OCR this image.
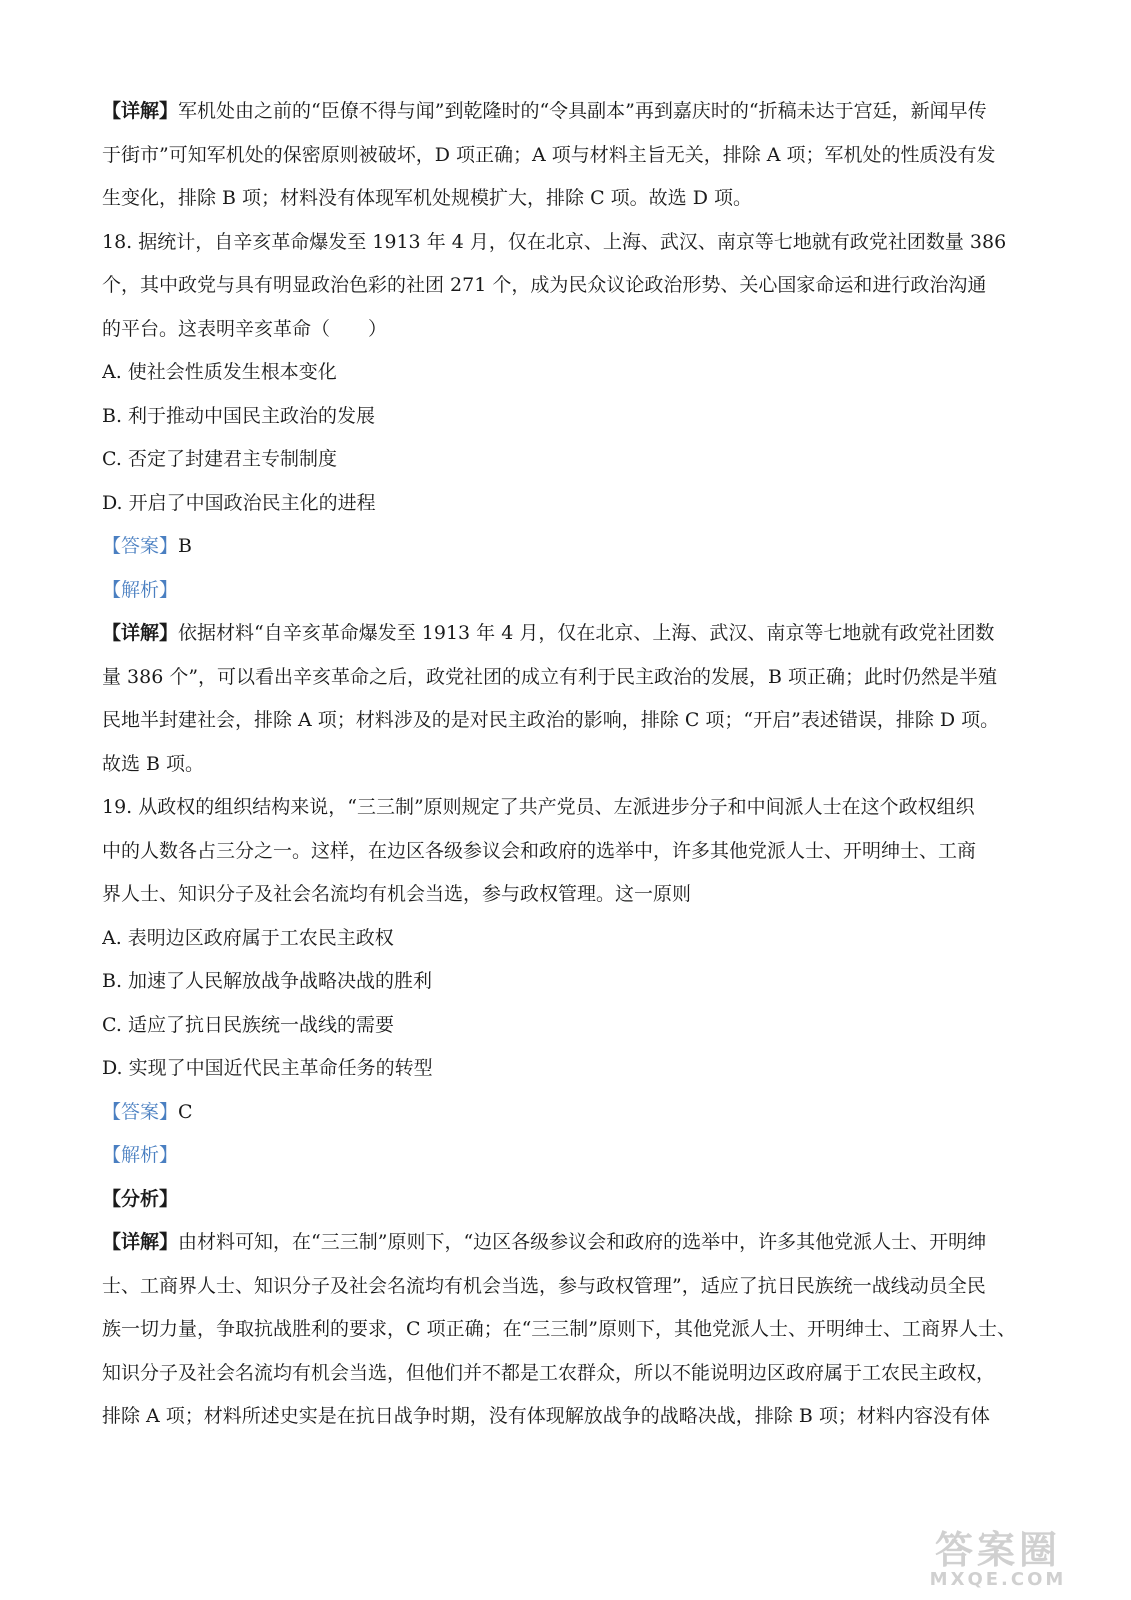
【详解】军机处由之前的“臣僚不得与闻”到乾隆时的“令具副本”再到嘉庆时的“折稿未达于宫廷，新闻早传
于街市”可知军机处的保密原则被破坏，D 项正确；A 项与材料主旨无关，排除 A 项；军机处的性质没有发
生变化，排除 B 项；材料没有体现军机处规模扩大，排除 C 项。故选 D 项。
18. 据统计，自辛亥革命爆发至 1913 年 4 月，仅在北京、上海、武汉、南京等七地就有政党社团数量 386
个，其中政党与具有明显政治色彩的社团 271 个，成为民众议论政治形势、关心国家命运和进行政治沟通
的平台。这表明辛亥革命（　　）
A. 使社会性质发生根本变化
B. 利于推动中国民主政治的发展
C. 否定了封建君主专制制度
D. 开启了中国政治民主化的进程
【答案】B
【解析】
【详解】依据材料“自辛亥革命爆发至 1913 年 4 月，仅在北京、上海、武汉、南京等七地就有政党社团数
量 386 个”，可以看出辛亥革命之后，政党社团的成立有利于民主政治的发展，B 项正确；此时仍然是半殖
民地半封建社会，排除 A 项；材料涉及的是对民主政治的影响，排除 C 项；“开启”表述错误，排除 D 项。
故选 B 项。
19. 从政权的组织结构来说，“三三制”原则规定了共产党员、左派进步分子和中间派人士在这个政权组织
中的人数各占三分之一。这样，在边区各级参议会和政府的选举中，许多其他党派人士、开明绅士、工商
界人士、知识分子及社会名流均有机会当选，参与政权管理。这一原则
A. 表明边区政府属于工农民主政权
B. 加速了人民解放战争战略决战的胜利
C. 适应了抗日民族统一战线的需要
D. 实现了中国近代民主革命任务的转型
【答案】C
【解析】
【分析】
【详解】由材料可知，在“三三制”原则下，“边区各级参议会和政府的选举中，许多其他党派人士、开明绅
士、工商界人士、知识分子及社会名流均有机会当选，参与政权管理”，适应了抗日民族统一战线动员全民
族一切力量，争取抗战胜利的要求，C 项正确；在“三三制”原则下，其他党派人士、开明绅士、工商界人士、
知识分子及社会名流均有机会当选，但他们并不都是工农群众，所以不能说明边区政府属于工农民主政权，
排除 A 项；材料所述史实是在抗日战争时期，没有体现解放战争的战略决战，排除 B 项；材料内容没有体
答案圈
MXQE.COM
